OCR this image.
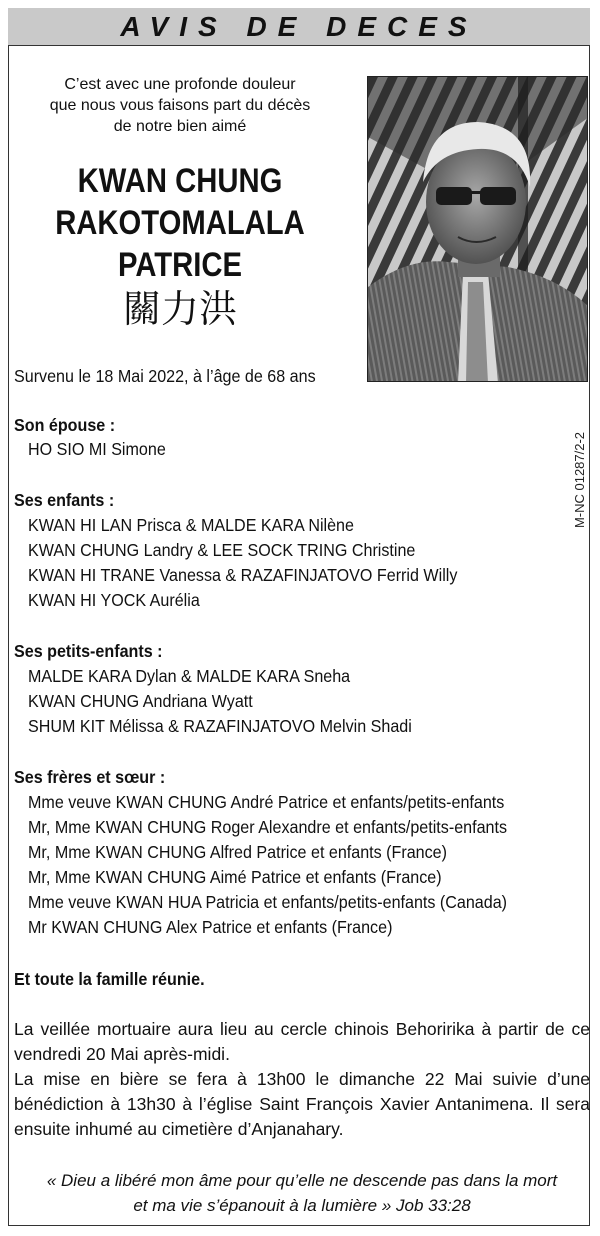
AVIS DE DECES
C’est avec une profonde douleur
que nous vous faisons part du décès
de notre bien aimé
KWAN CHUNG
RAKOTOMALALA
PATRICE
關力洪
M-NC 01287/2-2
Survenu le 18 Mai 2022, à l’âge de 68 ans
Son épouse :
HO SIO MI Simone
Ses enfants :
KWAN HI LAN Prisca & MALDE KARA Nilène
KWAN CHUNG Landry & LEE SOCK TRING Christine
KWAN HI TRANE Vanessa & RAZAFINJATOVO Ferrid Willy
KWAN HI YOCK Aurélia
Ses petits-enfants :
MALDE KARA Dylan & MALDE KARA Sneha
KWAN CHUNG Andriana Wyatt
SHUM KIT Mélissa & RAZAFINJATOVO Melvin Shadi
Ses frères et sœur :
Mme veuve KWAN CHUNG André Patrice et enfants/petits-enfants
Mr, Mme KWAN CHUNG Roger Alexandre et enfants/petits-enfants
Mr, Mme KWAN CHUNG Alfred Patrice et enfants (France)
Mr, Mme KWAN CHUNG Aimé Patrice et enfants (France)
Mme veuve KWAN HUA Patricia et enfants/petits-enfants (Canada)
Mr KWAN CHUNG Alex Patrice et enfants (France)
Et toute la famille réunie.
La veillée mortuaire aura lieu au cercle chinois Behoririka à partir de ce vendredi 20 Mai après-midi.
La mise en bière se fera à 13h00 le dimanche 22 Mai suivie d’une bénédiction à 13h30 à l’église Saint François Xavier Antanimena. Il sera ensuite inhumé au cimetière d’Anjanahary.
« Dieu a libéré mon âme pour qu’elle ne descende pas dans la mort
et ma vie s’épanouit à la lumière » Job 33:28
